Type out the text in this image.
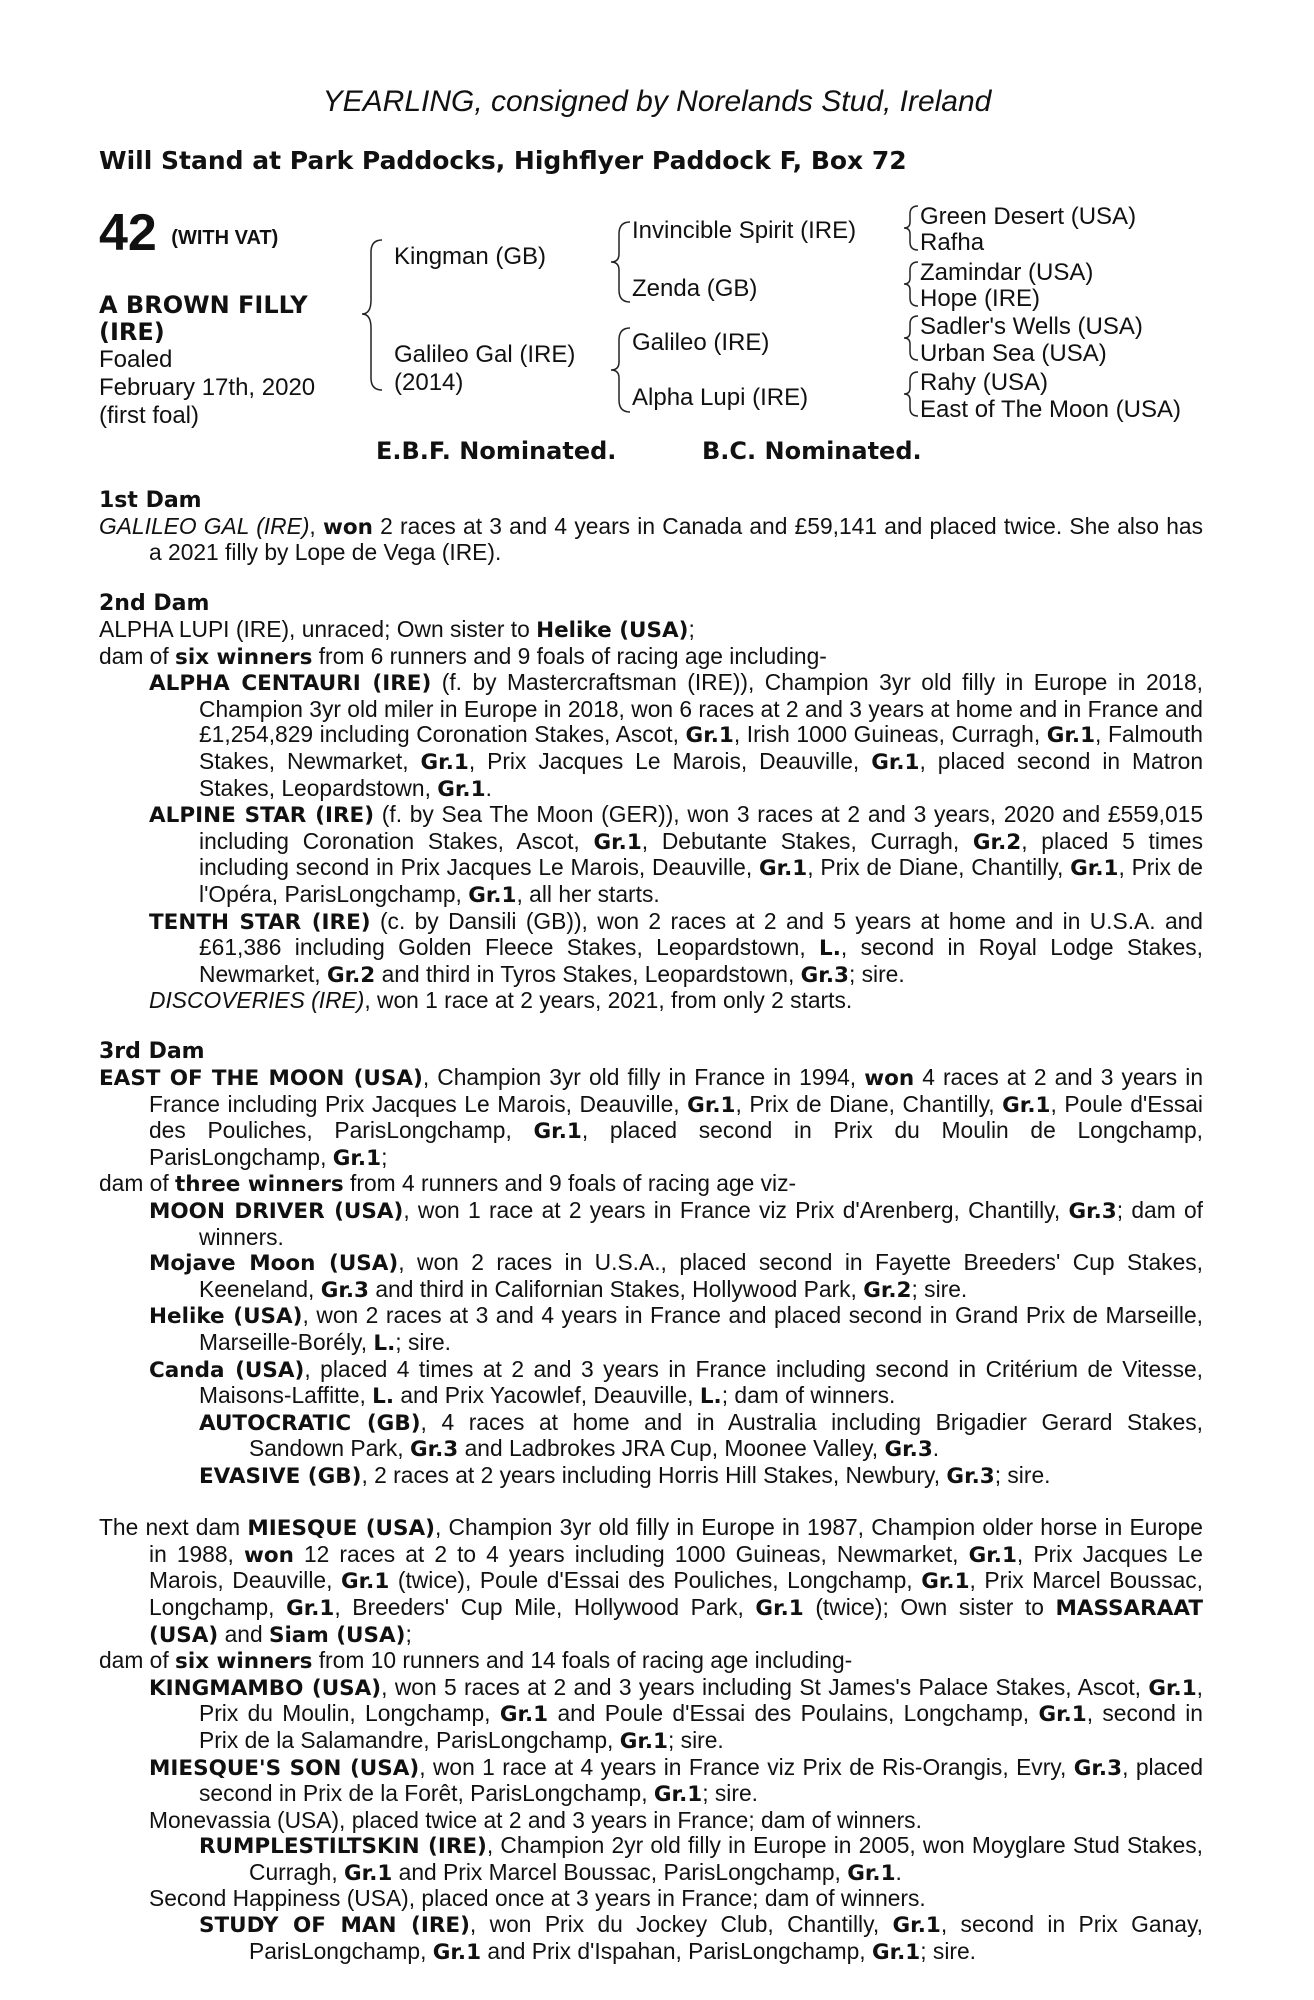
YEARLING, consigned by Norelands Stud, Ireland
Will Stand at Park Paddocks, Highflyer Paddock F, Box 72
42 (WITH VAT)
A BROWN FILLY (IRE)
Foaled
February 17th, 2020
(first foal)
Kingman (GB)
Galileo Gal (IRE)
(2014)
Invincible Spirit (IRE)
Zenda (GB)
Galileo (IRE)
Alpha Lupi (IRE)
Green Desert (USA)
Rafha
Zamindar (USA)
Hope (IRE)
Sadler's Wells (USA)
Urban Sea (USA)
Rahy (USA)
East of The Moon (USA)
E.B.F. Nominated.	B.C. Nominated.
1st Dam

GALILEO GAL (IRE), won 2 races at 3 and 4 years in Canada and £59,141 and placed twice. She also has a 2021 filly by Lope de Vega (IRE).

2nd Dam

ALPHA LUPI (IRE), unraced; Own sister to Helike (USA);

dam of six winners from 6 runners and 9 foals of racing age including-

ALPHA CENTAURI (IRE) (f. by Mastercraftsman (IRE)), Champion 3yr old filly in Europe in 2018, Champion 3yr old miler in Europe in 2018, won 6 races at 2 and 3 years at home and in France and £1,254,829 including Coronation Stakes, Ascot, Gr.1, Irish 1000 Guineas, Curragh, Gr.1, Falmouth Stakes, Newmarket, Gr.1, Prix Jacques Le Marois, Deauville, Gr.1, placed second in Matron Stakes, Leopardstown, Gr.1.

ALPINE STAR (IRE) (f. by Sea The Moon (GER)), won 3 races at 2 and 3 years, 2020 and £559,015 including Coronation Stakes, Ascot, Gr.1, Debutante Stakes, Curragh, Gr.2, placed 5 times including second in Prix Jacques Le Marois, Deauville, Gr.1, Prix de Diane, Chantilly, Gr.1, Prix de l'Opéra, ParisLongchamp, Gr.1, all her starts.

TENTH STAR (IRE) (c. by Dansili (GB)), won 2 races at 2 and 5 years at home and in U.S.A. and £61,386 including Golden Fleece Stakes, Leopardstown, L., second in Royal Lodge Stakes, Newmarket, Gr.2 and third in Tyros Stakes, Leopardstown, Gr.3; sire.

DISCOVERIES (IRE), won 1 race at 2 years, 2021, from only 2 starts.

3rd Dam

EAST OF THE MOON (USA), Champion 3yr old filly in France in 1994, won 4 races at 2 and 3 years in France including Prix Jacques Le Marois, Deauville, Gr.1, Prix de Diane, Chantilly, Gr.1, Poule d'Essai des Pouliches, ParisLongchamp, Gr.1, placed second in Prix du Moulin de Longchamp, ParisLongchamp, Gr.1;

dam of three winners from 4 runners and 9 foals of racing age viz-

MOON DRIVER (USA), won 1 race at 2 years in France viz Prix d'Arenberg, Chantilly, Gr.3; dam of winners.

Mojave Moon (USA), won 2 races in U.S.A., placed second in Fayette Breeders' Cup Stakes, Keeneland, Gr.3 and third in Californian Stakes, Hollywood Park, Gr.2; sire.

Helike (USA), won 2 races at 3 and 4 years in France and placed second in Grand Prix de Marseille, Marseille-Borély, L.; sire.

Canda (USA), placed 4 times at 2 and 3 years in France including second in Critérium de Vitesse, Maisons-Laffitte, L. and Prix Yacowlef, Deauville, L.; dam of winners.

AUTOCRATIC (GB), 4 races at home and in Australia including Brigadier Gerard Stakes, Sandown Park, Gr.3 and Ladbrokes JRA Cup, Moonee Valley, Gr.3.

EVASIVE (GB), 2 races at 2 years including Horris Hill Stakes, Newbury, Gr.3; sire.

The next dam MIESQUE (USA), Champion 3yr old filly in Europe in 1987, Champion older horse in Europe in 1988, won 12 races at 2 to 4 years including 1000 Guineas, Newmarket, Gr.1, Prix Jacques Le Marois, Deauville, Gr.1 (twice), Poule d'Essai des Pouliches, Longchamp, Gr.1, Prix Marcel Boussac, Longchamp, Gr.1, Breeders' Cup Mile, Hollywood Park, Gr.1 (twice); Own sister to MASSARAAT (USA) and Siam (USA);

dam of six winners from 10 runners and 14 foals of racing age including-

KINGMAMBO (USA), won 5 races at 2 and 3 years including St James's Palace Stakes, Ascot, Gr.1, Prix du Moulin, Longchamp, Gr.1 and Poule d'Essai des Poulains, Longchamp, Gr.1, second in Prix de la Salamandre, ParisLongchamp, Gr.1; sire.

MIESQUE'S SON (USA), won 1 race at 4 years in France viz Prix de Ris-Orangis, Evry, Gr.3, placed second in Prix de la Forêt, ParisLongchamp, Gr.1; sire.

Monevassia (USA), placed twice at 2 and 3 years in France; dam of winners.

RUMPLESTILTSKIN (IRE), Champion 2yr old filly in Europe in 2005, won Moyglare Stud Stakes, Curragh, Gr.1 and Prix Marcel Boussac, ParisLongchamp, Gr.1.

Second Happiness (USA), placed once at 3 years in France; dam of winners.

STUDY OF MAN (IRE), won Prix du Jockey Club, Chantilly, Gr.1, second in Prix Ganay, ParisLongchamp, Gr.1 and Prix d'Ispahan, ParisLongchamp, Gr.1; sire.
